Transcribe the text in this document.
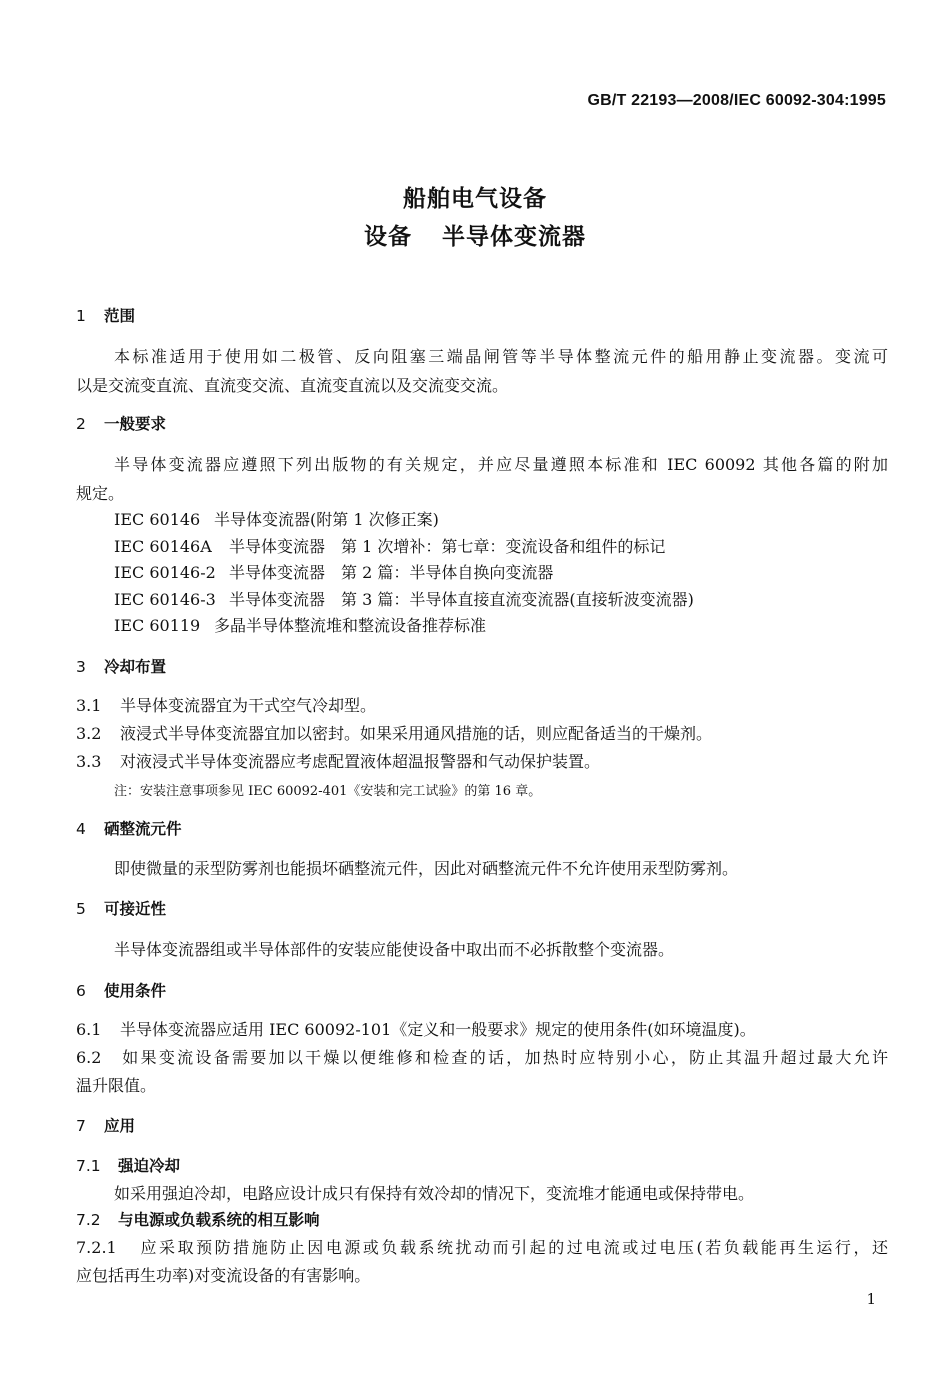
GB/T 22193—2008/IEC 60092-304:1995
船舶电气设备
设备 半导体变流器
1 范围
本标准适用于使用如二极管、反向阻塞三端晶闸管等半导体整流元件的船用静止变流器。变流可
以是交流变直流、直流变交流、直流变直流以及交流变交流。
2 一般要求
半导体变流器应遵照下列出版物的有关规定，并应尽量遵照本标准和 IEC 60092 其他各篇的附加
规定。
IEC 60146 半导体变流器(附第 1 次修正案)
IEC 60146A 半导体变流器　第 1 次增补：第七章：变流设备和组件的标记
IEC 60146-2 半导体变流器　第 2 篇：半导体自换向变流器
IEC 60146-3 半导体变流器　第 3 篇：半导体直接直流变流器(直接斩波变流器)
IEC 60119 多晶半导体整流堆和整流设备推荐标准
3 冷却布置
3.1 半导体变流器宜为干式空气冷却型。
3.2 液浸式半导体变流器宜加以密封。如果采用通风措施的话，则应配备适当的干燥剂。
3.3 对液浸式半导体变流器应考虑配置液体超温报警器和气动保护装置。
注：安装注意事项参见 IEC 60092-401《安装和完工试验》的第 16 章。
4 硒整流元件
即使微量的汞型防雾剂也能损坏硒整流元件，因此对硒整流元件不允许使用汞型防雾剂。
5 可接近性
半导体变流器组或半导体部件的安装应能使设备中取出而不必拆散整个变流器。
6 使用条件
6.1 半导体变流器应适用 IEC 60092-101《定义和一般要求》规定的使用条件(如环境温度)。
6.2 如果变流设备需要加以干燥以便维修和检查的话，加热时应特别小心，防止其温升超过最大允许
温升限值。
7 应用
7.1 强迫冷却
如采用强迫冷却，电路应设计成只有保持有效冷却的情况下，变流堆才能通电或保持带电。
7.2 与电源或负载系统的相互影响
7.2.1 应采取预防措施防止因电源或负载系统扰动而引起的过电流或过电压(若负载能再生运行，还
应包括再生功率)对变流设备的有害影响。
1
